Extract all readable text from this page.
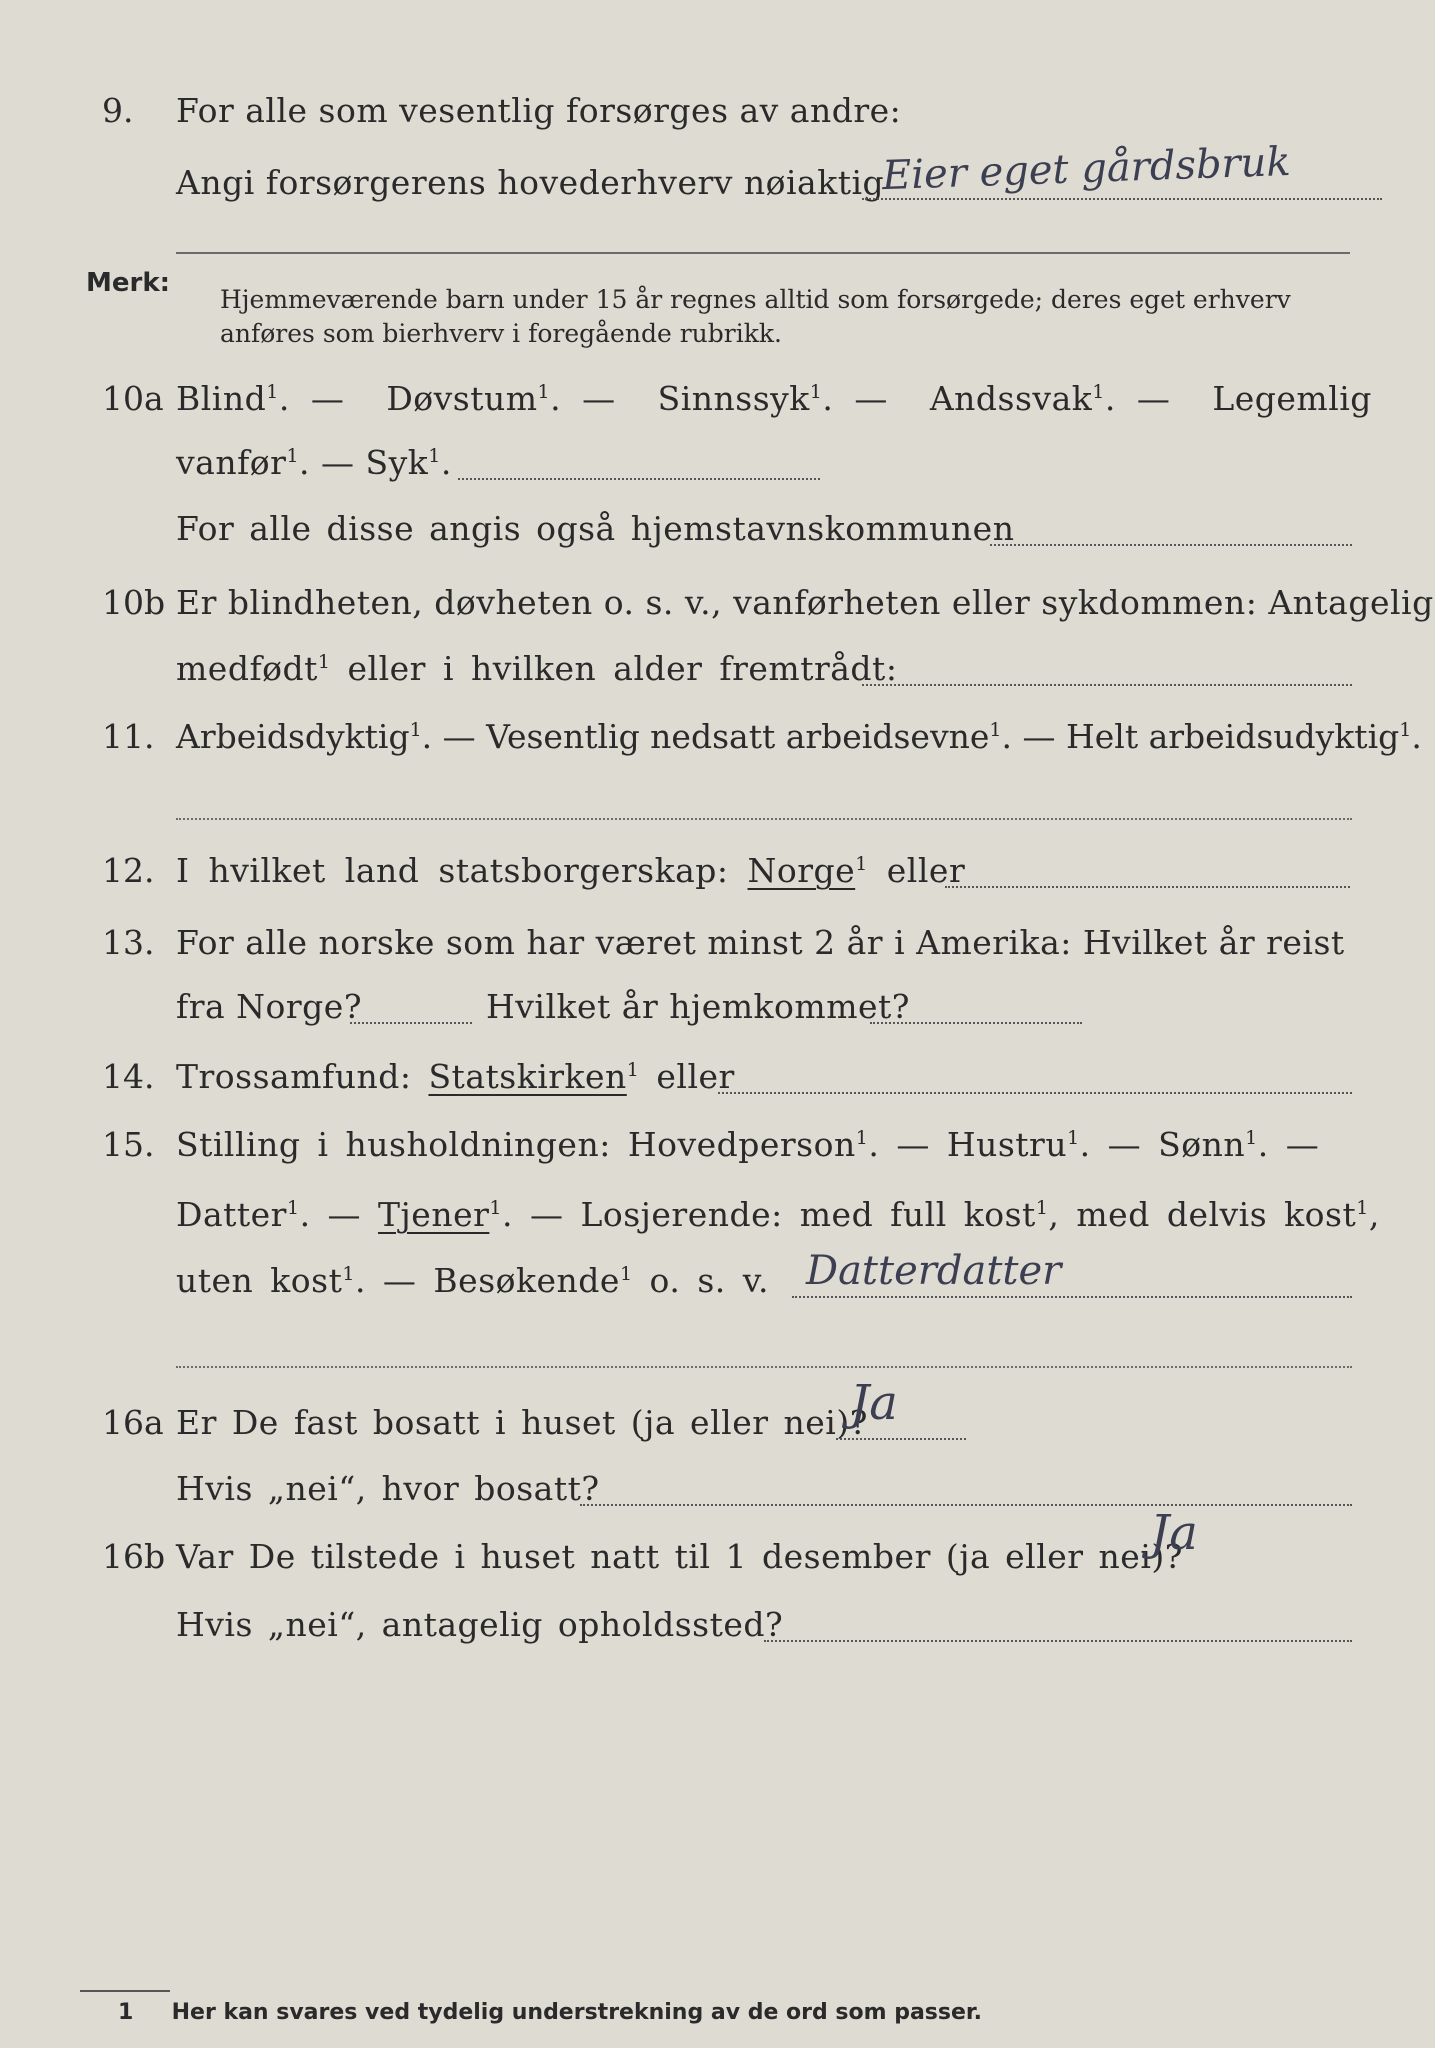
9.	For alle som vesentlig forsørges av andre:
Angi forsørgerens hovederhverv nøiaktig
Eier eget gårdsbruk
Merk:
Hjemmeværende barn under 15 år regnes alltid som forsørgede; deres eget erhverv
anføres som bierhverv i foregående rubrikk.
10a Blind$^1$. —  Døvstum$^1$. —  Sinnssyk$^1$. —  Andssvak$^1$. —  Legemlig
vanfør$^1$. — Syk$^1$.
For alle disse angis også hjemstavnskommunen
10b Er blindheten, døvheten o. s. v., vanførheten eller sykdommen: Antagelig
medfødt$^1$ eller i hvilken alder fremtrådt:
11. Arbeidsdyktig$^1$. — Vesentlig nedsatt arbeidsevne$^1$. — Helt arbeidsudyktig$^1$.
12. I hvilket land statsborgerskap: Norge$^1$ eller
13. For alle norske som har været minst 2 år i Amerika: Hvilket år reist
fra Norge?	Hvilket år hjemkommet?
14. Trossamfund: Statskirken$^1$ eller
15. Stilling i husholdningen: Hovedperson$^1$. — Hustru$^1$. — Sønn$^1$. —
Datter$^1$. — Tjener$^1$. — Losjerende: med full kost$^1$, med delvis kost$^1$,
uten kost$^1$. — Besøkende$^1$ o. s. v. Datterdatter
16a Er De fast bosatt i huset (ja eller nei)?
Ja
Hvis „nei“, hvor bosatt?
16b Var De tilstede i huset natt til 1 desember (ja eller nei)?
Ja
Hvis „nei“, antagelig opholdssted?
1 Her kan svares ved tydelig understrekning av de ord som passer.
